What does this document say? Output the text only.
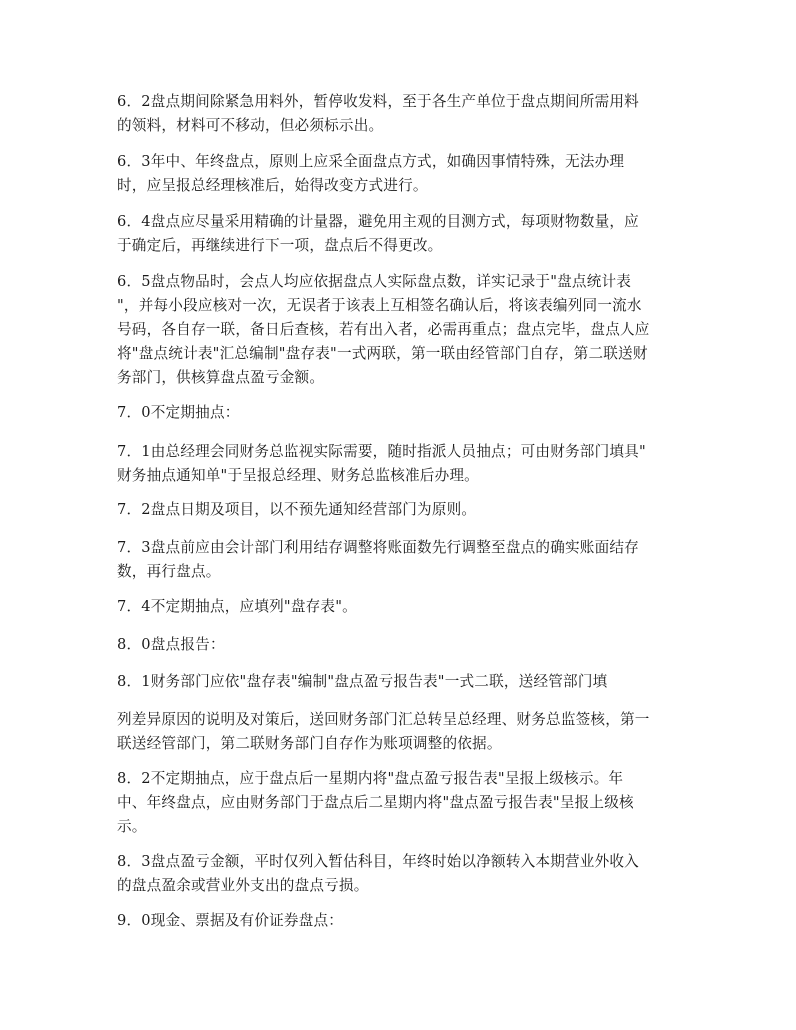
6．2盘点期间除紧急用料外，暂停收发料，至于各生产单位于盘点期间所需用料
的领料，材料可不移动，但必须标示出。

6．3年中、年终盘点，原则上应采全面盘点方式，如确因事情特殊，无法办理
时，应呈报总经理核准后，始得改变方式进行。

6．4盘点应尽量采用精确的计量器，避免用主观的目测方式，每项财物数量，应
于确定后，再继续进行下一项，盘点后不得更改。

6．5盘点物品时，会点人均应依据盘点人实际盘点数，详实记录于"盘点统计表
"，并每小段应核对一次，无误者于该表上互相签名确认后，将该表编列同一流水
号码，各自存一联，备日后查核，若有出入者，必需再重点；盘点完毕，盘点人应
将"盘点统计表"汇总编制"盘存表"一式两联，第一联由经管部门自存，第二联送财
务部门，供核算盘点盈亏金额。

7．0不定期抽点：

7．1由总经理会同财务总监视实际需要，随时指派人员抽点；可由财务部门填具"
财务抽点通知单"于呈报总经理、财务总监核准后办理。

7．2盘点日期及项目，以不预先通知经营部门为原则。

7．3盘点前应由会计部门利用结存调整将账面数先行调整至盘点的确实账面结存
数，再行盘点。

7．4不定期抽点，应填列"盘存表"。

8．0盘点报告：

8．1财务部门应依"盘存表"编制"盘点盈亏报告表"一式二联，送经管部门填

列差异原因的说明及对策后，送回财务部门汇总转呈总经理、财务总监签核，第一
联送经管部门，第二联财务部门自存作为账项调整的依据。

8．2不定期抽点，应于盘点后一星期内将"盘点盈亏报告表"呈报上级核示。年
中、年终盘点，应由财务部门于盘点后二星期内将"盘点盈亏报告表"呈报上级核
示。

8．3盘点盈亏金额，平时仅列入暂估科目，年终时始以净额转入本期营业外收入
的盘点盈余或营业外支出的盘点亏损。

9．0现金、票据及有价证券盘点：
